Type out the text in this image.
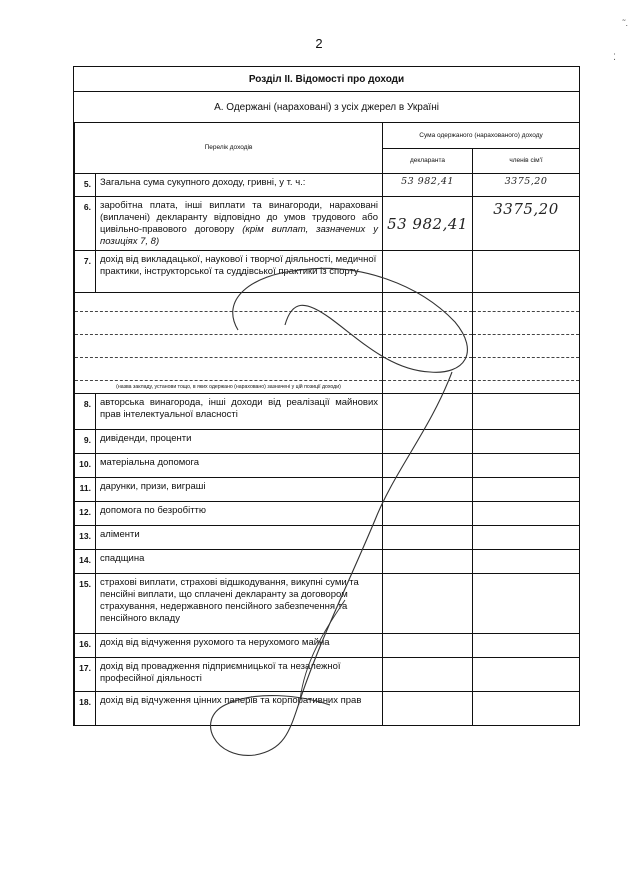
2
˜.
⁚
Розділ ІІ. Відомості про доходи
А. Одержані (нараховані) з усіх джерел в Україні
Перелік доходів		Сума одержаного (нарахованого) доходу	
		декларанта	членів сім'ї
5.	Загальна сума сукупного доходу, гривні, у т. ч.:	53 982,41	3375,20
6.	заробітна плата, інші виплати та винагороди, нараховані (виплачені) декларанту відповідно до умов трудового або цивільно-правового договору (крім виплат, зазначених у позиціях 7, 8)	53 982,41	3375,20
7.	дохід від викладацької, наукової і творчої діяльності, медичної практики, інструкторської та суддівської практики із спорту		

(назва закладу, установи тощо, в яких одержано (нараховано) зазначені у цій позиції доходи)			

8.	авторська винагорода, інші доходи від реалізації майнових прав інтелектуальної власності		
9.	дивіденди, проценти		
10.	матеріальна допомога		
11.	дарунки, призи, виграші		
12.	допомога по безробіттю		
13.	аліменти		
14.	спадщина		
15.	страхові виплати, страхові відшкодування, викупні суми та пенсійні виплати, що сплачені декларанту за договором страхування, недержавного пенсійного забезпечення та пенсійного вкладу		
16.	дохід від відчуження рухомого та нерухомого майна		
17.	дохід від провадження підприємницької та незалежної професійної діяльності		
18.	дохід від відчуження цінних паперів та корпоративних прав		
